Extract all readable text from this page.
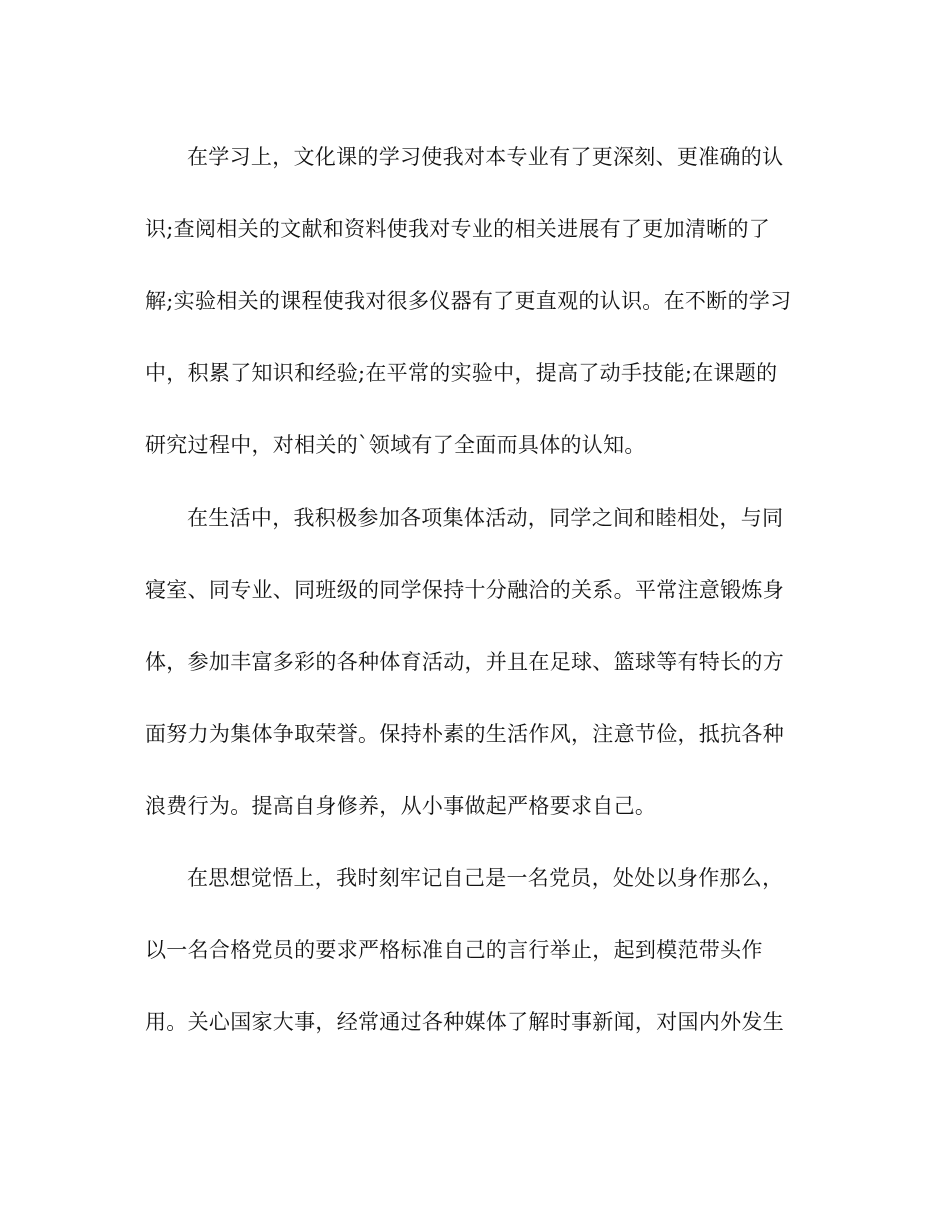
在学习上，文化课的学习使我对本专业有了更深刻、更准确的认
识;查阅相关的文献和资料使我对专业的相关进展有了更加清晰的了
解;实验相关的课程使我对很多仪器有了更直观的认识。在不断的学习
中，积累了知识和经验;在平常的实验中，提高了动手技能;在课题的
研究过程中，对相关的`领域有了全面而具体的认知。
在生活中，我积极参加各项集体活动，同学之间和睦相处，与同
寝室、同专业、同班级的同学保持十分融洽的关系。平常注意锻炼身
体，参加丰富多彩的各种体育活动，并且在足球、篮球等有特长的方
面努力为集体争取荣誉。保持朴素的生活作风，注意节俭，抵抗各种
浪费行为。提高自身修养，从小事做起严格要求自己。
在思想觉悟上，我时刻牢记自己是一名党员，处处以身作那么，
以一名合格党员的要求严格标准自己的言行举止，起到模范带头作
用。关心国家大事，经常通过各种媒体了解时事新闻，对国内外发生
